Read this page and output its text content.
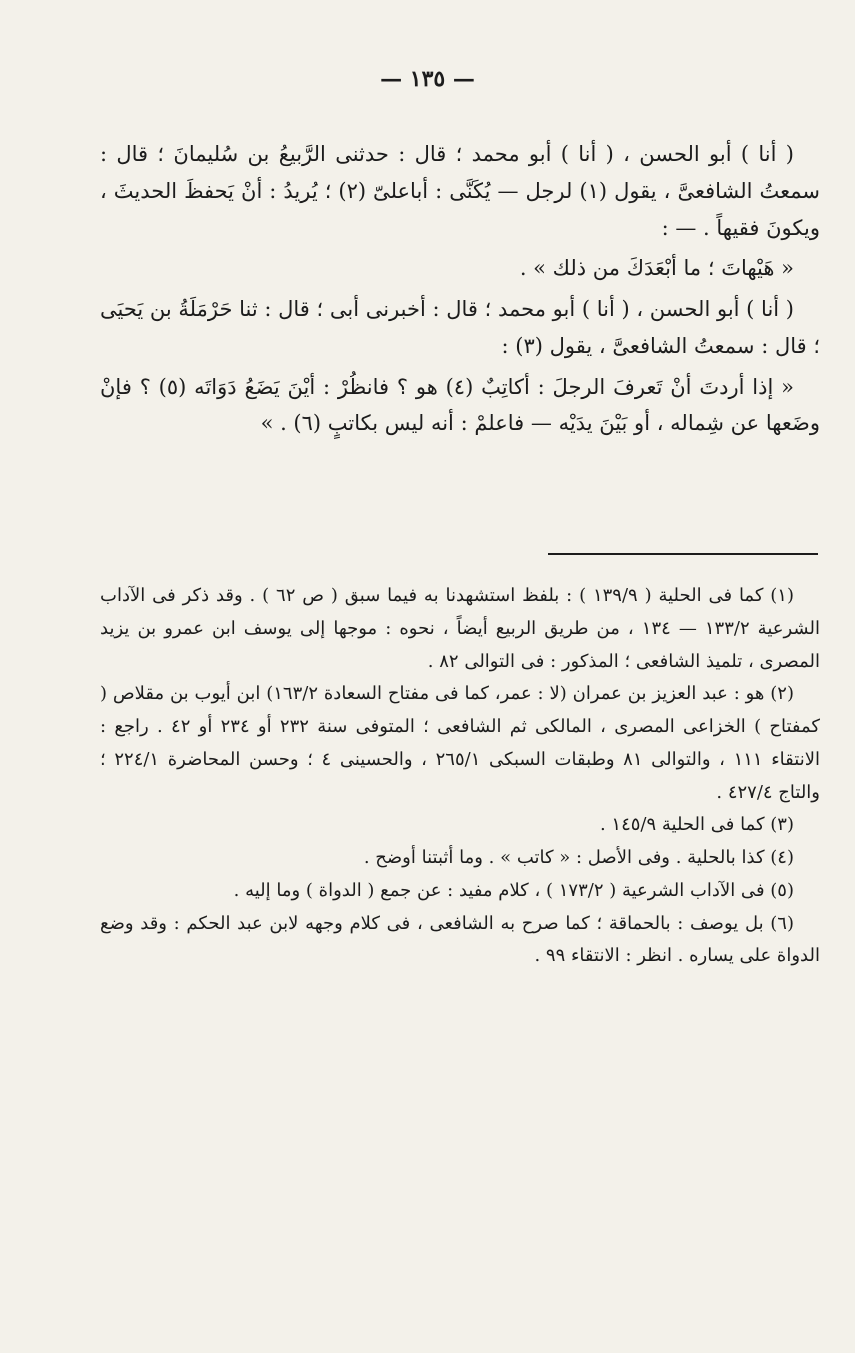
— ١٣٥ —

( أنا ) أبو الحسن ، ( أنا ) أبو محمد ؛ قال : حدثنى الرَّبيعُ بن سُليمانَ ؛ قال : سمعتُ الشافعىَّ ، يقول (١) لرجل — يُكَنَّى : أباعلىّ (٢) ؛ يُريدُ : أنْ يَحفظَ الحديثَ ، ويكونَ فقيهاً . — :

« هَيْهاتَ ؛ ما أبْعَدَكَ من ذلك » .

( أنا ) أبو الحسن ، ( أنا ) أبو محمد ؛ قال : أخبرنى أبى ؛ قال : ثنا حَرْمَلَةُ بن يَحيَى ؛ قال : سمعتُ الشافعىَّ ، يقول (٣) :

« إذا أردتَ أنْ تَعرفَ الرجلَ : أكاتِبٌ (٤) هو ؟ فانظُرْ : أيْنَ يَضَعُ دَوَاتَه (٥) ؟ فإنْ وضَعها عن شِماله ، أو بَيْنَ يدَيْه — فاعلمْ : أنه ليس بكاتبٍ (٦) . »

(١) كما فى الحلية ( ١٣٩/٩ ) : بلفظ استشهدنا به فيما سبق ( ص ٦٢ ) . وقد ذكر فى الآداب الشرعية ١٣٣/٢ — ١٣٤ ، من طريق الربيع أيضاً ، نحوه : موجها إلى يوسف ابن عمرو بن يزيد المصرى ، تلميذ الشافعى ؛ المذكور : فى التوالى ٨٢ .

(٢) هو : عبد العزيز بن عمران (لا : عمر، كما فى مفتاح السعادة ١٦٣/٢) ابن أيوب بن مقلاص ( كمفتاح ) الخزاعى المصرى ، المالكى ثم الشافعى ؛ المتوفى سنة ٢٣٢ أو ٢٣٤ أو ٤٢ . راجع : الانتقاء ١١١ ، والتوالى ٨١ وطبقات السبكى ٢٦٥/١ ، والحسينى ٤ ؛ وحسن المحاضرة ٢٢٤/١ ؛ والتاج ٤٢٧/٤ .

(٣) كما فى الحلية ١٤٥/٩ .

(٤) كذا بالحلية . وفى الأصل : « كاتب » . وما أثبتنا أوضح .

(٥) فى الآداب الشرعية ( ١٧٣/٢ ) ، كلام مفيد : عن جمع ( الدواة ) وما إليه .

(٦) بل يوصف : بالحماقة ؛ كما صرح به الشافعى ، فى كلام وجهه لابن عبد الحكم : وقد وضع الدواة على يساره . انظر : الانتقاء ٩٩ .
